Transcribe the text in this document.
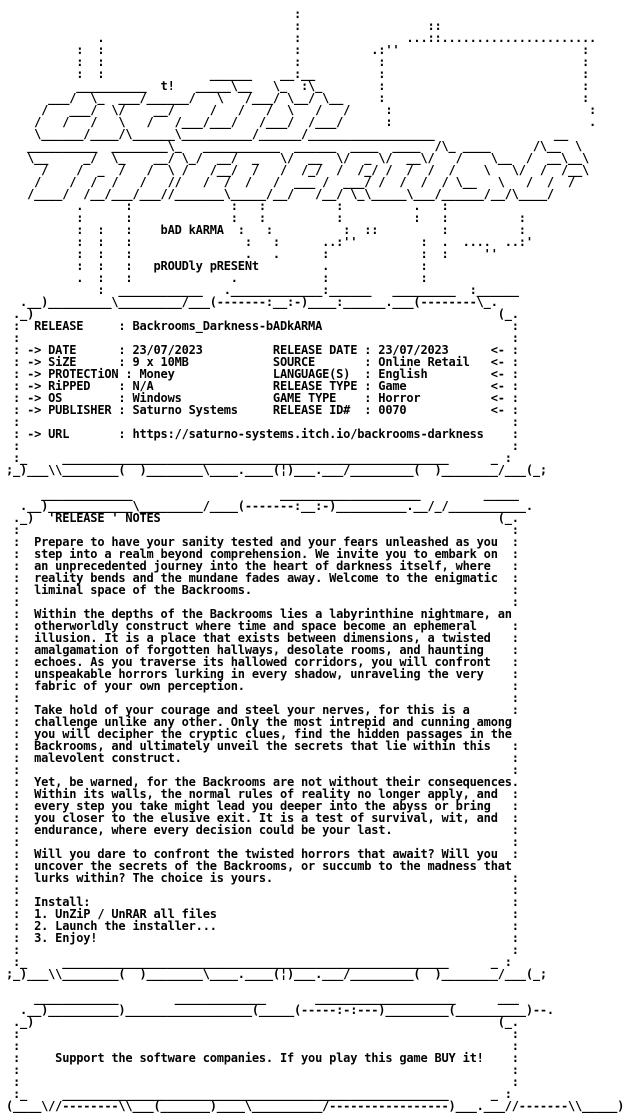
:
:                  ::
.                           :               ...::......................
:  :                           :          .:''                          :
:  :                           :           :                            :
:  :               ______    __:__         :                            :
__________  t!   _____\__   \_  :\_        :                            :
___/  \_  ___/______/   \   /___/ \__/ \__     :                            :
/   ___/  \/    __/     /   /   /  \   /   /     :                            :
/   /   /   \   /   /___/___/   /___/  /___/      :                            .
\______/____/\______\__________/______/__________________                 __
__________  ________\_   ___________  ______  ____  ____  /\_ ____      /\__  \
\__     _/  \_    __/ \_/  __/  _   \/  __  \/  _ \/  __\/   /    \__  /  __\__\
/    /  _  /   /  \ /   /__/  /   /  /_/  /  /_/ /  /  /  /    \   \/  /  /__\
/    /  /  /   /   //   /  /  /   /  ___ /  ___/ /  /  /  / \__   \   /  /  /
/____/  /__/___/___//_______\_____/__/   /__/ \_\_____\___/______/__/\____/
.      :              :   :          :          .   :
:      :              :   :          :          :   :          :
:  :   :    bAD kARMA  :   :          :  ::         :          :
:  :   :                :   :      ..:''         :  .  ....  ..:'
:  :   :                .   .      :             :  :     ''
:  :   :   pROUDly pRESENt         .             :
.  :   :              .            :             :
:  ____________   ._____________:______   _________  :______
.__)_________\_________/___(-------:__:-)____:______.___(--------\_.
._)                                                                  (_.
:  RELEASE     : Backrooms_Darkness-bADkARMA                           :
:                                                                      :
: -> DATE      : 23/07/2023          RELEASE DATE : 23/07/2023      <- :
: -> SiZE      : 9 x 10MB            SOURCE       : Online Retail   <- :
: -> PROTECTiON : Money              LANGUAGE(S)  : English         <- :
: -> RiPPED    : N/A                 RELEASE TYPE : Game            <- :
: -> OS        : Windows             GAME TYPE    : Horror          <- :
: -> PUBLISHER : Saturno Systems     RELEASE ID#  : 0070            <- :
:                                                                      :
: -> URL       : https://saturno-systems.itch.io/backrooms-darkness    :
:                                                                      :
:_     _______________________________________________________      _ :
;_)___\\________(  )________\____.____(¦)___.___/_________(  )________/___(_;

_____________                     ____________________         _____
.__)____________\_________/____(-------:__:-)__________.__/_/___________.
._)  'RELEASE ' NOTES                                                (_.
:                                                                      :
:  Prepare to have your sanity tested and your fears unleashed as you  :
:  step into a realm beyond comprehension. We invite you to embark on  :
:  an unprecedented journey into the heart of darkness itself, where   :
:  reality bends and the mundane fades away. Welcome to the enigmatic  :
:  liminal space of the Backrooms.                                     :
:                                                                      :
:  Within the depths of the Backrooms lies a labyrinthine nightmare, an
:  otherworldly construct where time and space become an ephemeral     :
:  illusion. It is a place that exists between dimensions, a twisted   :
:  amalgamation of forgotten hallways, desolate rooms, and haunting    :
:  echoes. As you traverse its hallowed corridors, you will confront   :
:  unspeakable horrors lurking in every shadow, unraveling the very    :
:  fabric of your own perception.                                      :
:                                                                      :
:  Take hold of your courage and steel your nerves, for this is a      :
:  challenge unlike any other. Only the most intrepid and cunning among
:  you will decipher the cryptic clues, find the hidden passages in the
:  Backrooms, and ultimately unveil the secrets that lie within this   :
:  malevolent construct.                                               :
:                                                                      :
:  Yet, be warned, for the Backrooms are not without their consequences.
:  Within its walls, the normal rules of reality no longer apply, and  :
:  every step you take might lead you deeper into the abyss or bring   :
:  you closer to the elusive exit. It is a test of survival, wit, and  :
:  endurance, where every decision could be your last.                 :
:                                                                      :
:  Will you dare to confront the twisted horrors that await? Will you  :
:  uncover the secrets of the Backrooms, or succumb to the madness that
:  lurks within? The choice is yours.                                  :
:                                                                      :
:  Install:                                                            :
:  1. UnZiP / UnRAR all files                                          :
:  2. Launch the installer...                                          :
:  3. Enjoy!                                                           :
:                                                                      :
:_     _______________________________________________________      _ :
;_)___\\________(  )________\____.____(¦)___.___/_________(  )________/___(_;

____________        _____________       ____________________      ___
.__)__________)__________________(_____(-----:-:---)_________(__________)--.
._)                                                                  (_.
:                                                                      :
:                                                                      :
:     Support the software companies. If you play this game BUY it!    :
:                                                                      :
:                                                                      :
:_     _______________________________________________________      _ :
(____\//--------\\___(_______)____\__________/-----------------)___.___//-------\\_____)
